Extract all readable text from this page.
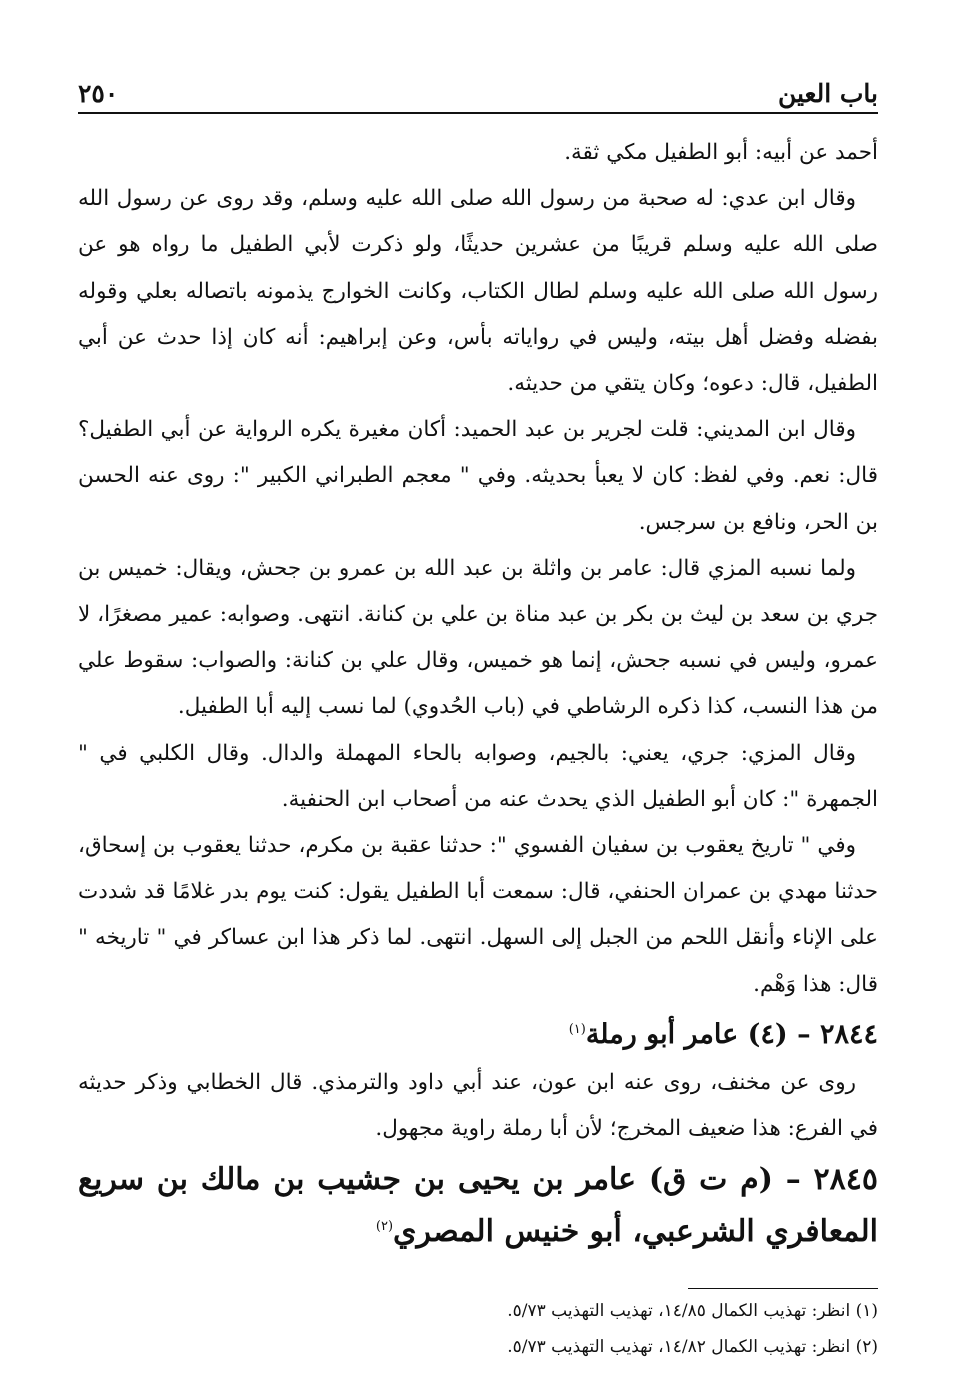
باب العين
٢٥٠

أحمد عن أبيه: أبو الطفيل مكي ثقة.

وقال ابن عدي: له صحبة من رسول الله صلى الله عليه وسلم، وقد روى عن رسول الله صلى الله عليه وسلم قريبًا من عشرين حديثًا، ولو ذكرت لأبي الطفيل ما رواه هو عن رسول الله صلى الله عليه وسلم لطال الكتاب، وكانت الخوارج يذمونه باتصاله بعلي وقوله بفضله وفضل أهل بيته، وليس في رواياته بأس، وعن إبراهيم: أنه كان إذا حدث عن أبي الطفيل، قال: دعوه؛ وكان يتقي من حديثه.

وقال ابن المديني: قلت لجرير بن عبد الحميد: أكان مغيرة يكره الرواية عن أبي الطفيل؟ قال: نعم. وفي لفظ: كان لا يعبأ بحديثه. وفي " معجم الطبراني الكبير ": روى عنه الحسن بن الحر، ونافع بن سرجس.

ولما نسبه المزي قال: عامر بن واثلة بن عبد الله بن عمرو بن جحش، ويقال: خميس بن جري بن سعد بن ليث بن بكر بن عبد مناة بن علي بن كنانة. انتهى. وصوابه: عمير مصغرًا، لا عمرو، وليس في نسبه جحش، إنما هو خميس، وقال علي بن كنانة: والصواب: سقوط علي من هذا النسب، كذا ذكره الرشاطي في (باب الحُدوي) لما نسب إليه أبا الطفيل.

وقال المزي: جري، يعني: بالجيم، وصوابه بالحاء المهملة والدال. وقال الكلبي في " الجمهرة ": كان أبو الطفيل الذي يحدث عنه من أصحاب ابن الحنفية.

وفي " تاريخ يعقوب بن سفيان الفسوي ": حدثنا عقبة بن مكرم، حدثنا يعقوب بن إسحاق، حدثنا مهدي بن عمران الحنفي، قال: سمعت أبا الطفيل يقول: كنت يوم بدر غلامًا قد شددت على الإناء وأنقل اللحم من الجبل إلى السهل. انتهى. لما ذكر هذا ابن عساكر في " تاريخه " قال: هذا وَهْم.

٢٨٤٤ – (٤) عامر أبو رملة$^{(١)}$

روى عن مخنف، روى عنه ابن عون، عند أبي داود والترمذي. قال الخطابي وذكر حديثه في الفرع: هذا ضعيف المخرج؛ لأن أبا رملة راوية مجهول.

٢٨٤٥ – (م ت ق) عامر بن يحيى بن جشيب بن مالك بن سريع المعافري الشرعبي، أبو خنيس المصري$^{(٢)}$
(١) انظر: تهذيب الكمال ١٤/٨٥، تهذيب التهذيب ٥/٧٣.
(٢) انظر: تهذيب الكمال ١٤/٨٢، تهذيب التهذيب ٥/٧٣.
